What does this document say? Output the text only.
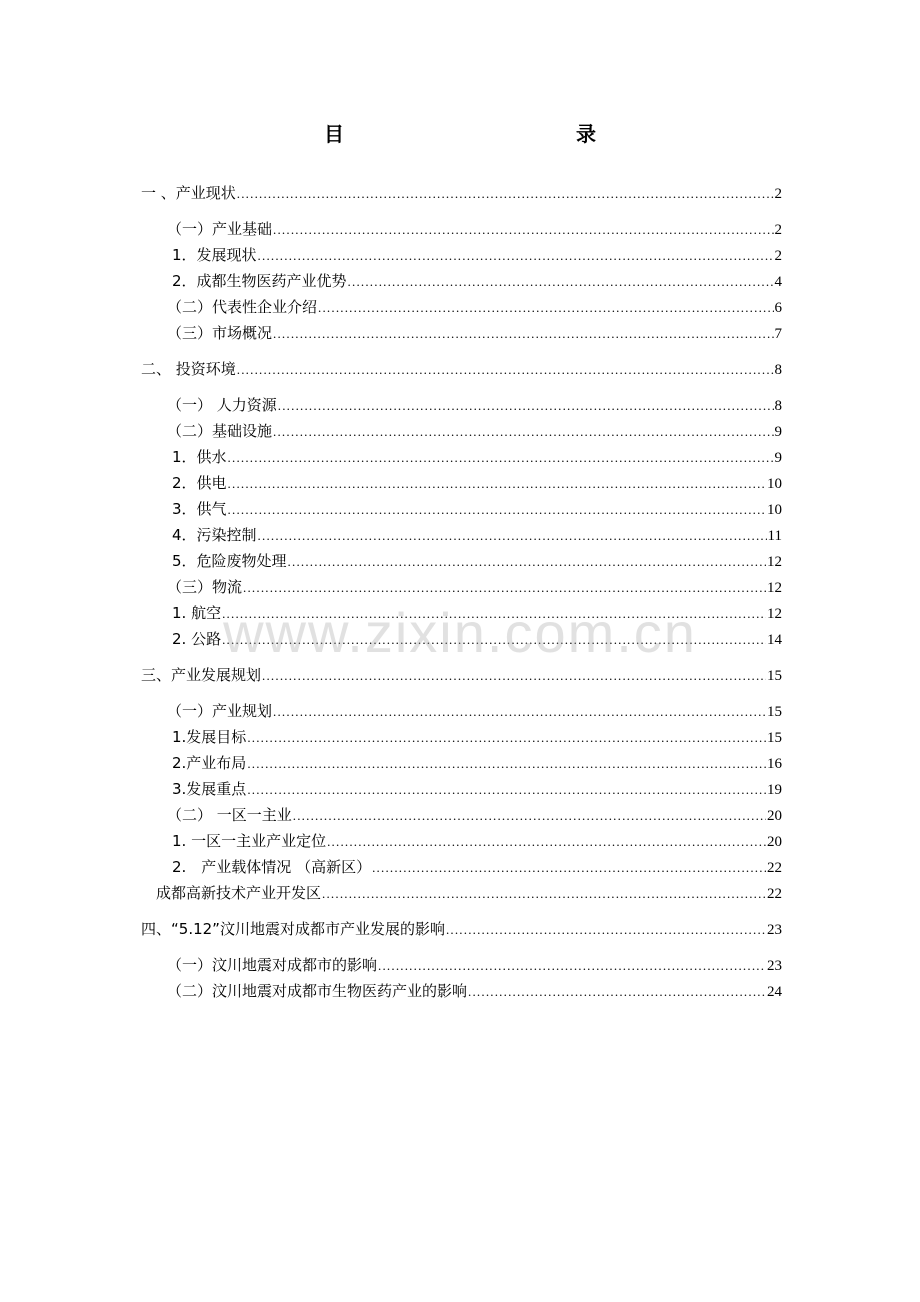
目　　录
一 、产业现状 .....	2
（一）产业基础 .....	2
1．发展现状 .....	2
2．成都生物医药产业优势 .....	4
（二）代表性企业介绍 .....	6
（三）市场概况 .....	7
二、 投资环境 .....	8
（一） 人力资源 .....	8
（二）基础设施 .....	9
1．供水 .....	9
2．供电 .....	10
3．供气 .....	10
4．污染控制 .....	11
5．危险废物处理 .....	12
（三）物流 .....	12
1. 航空 .....	12
2. 公路 .....	14
三、产业发展规划 .....	15
（一）产业规划 .....	15
1.发展目标 .....	15
2.产业布局 .....	16
3.发展重点 .....	19
（二） 一区一主业 .....	20
1. 一区一主业产业定位 .....	20
2.　产业载体情况 （高新区） .....	22
成都高新技术产业开发区 .....	22
四、“5.12”汶川地震对成都市产业发展的影响 .....	23
（一）汶川地震对成都市的影响 .....	23
（二）汶川地震对成都市生物医药产业的影响 .....	24
www.zixin.com.cn
